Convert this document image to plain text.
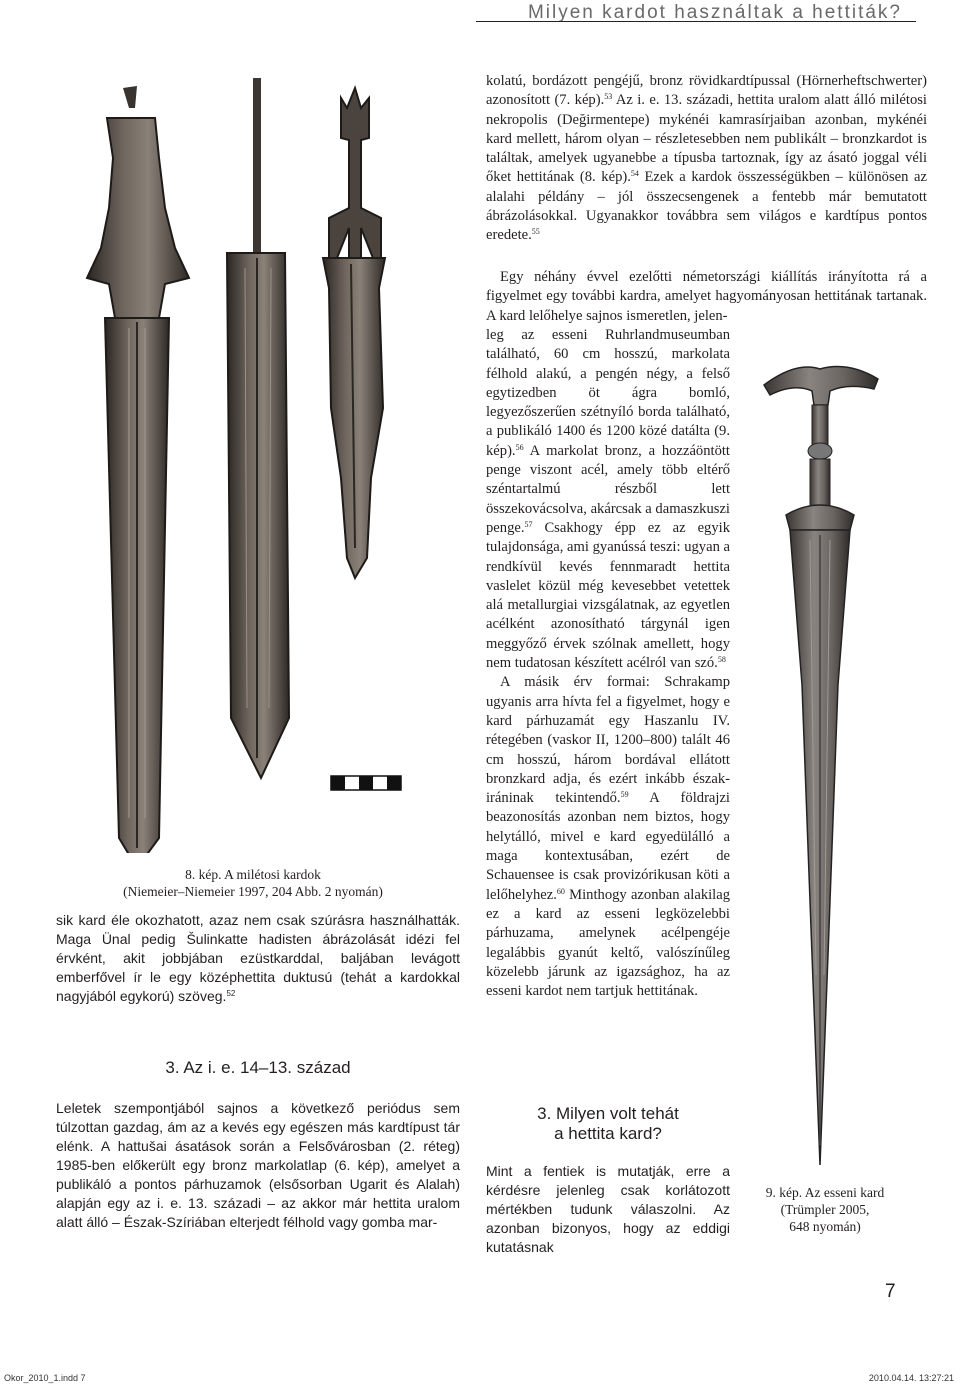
Milyen kardot használtak a hettiták?
8. kép. A milétosi kardok
(Niemeier–Niemeier 1997, 204 Abb. 2 nyomán)

sik kard éle okozhatott, azaz nem csak szúrásra használhatták. Maga Ünal pedig Šulinkatte hadisten ábrázolását idézi fel érvként, akit jobbjában ezüstkarddal, baljában levágott emberfővel ír le egy középhettita duktusú (tehát a kardokkal nagyjából egykorú) szöveg.$^{52}$

3. Az i. e. 14–13. század

Leletek szempontjából sajnos a következő periódus sem túlzottan gazdag, ám az a kevés egy egészen más kardtípust tár elénk. A hattušai ásatások során a Felsővárosban (2. réteg) 1985-ben előkerült egy bronz markolatlap (6. kép), amelyet a publikáló a pontos párhuzamok (elsősorban Ugarit és Alalah) alapján egy az i. e. 13. századi – az akkor már hettita uralom alatt álló – Észak-Szíriában elterjedt félhold vagy gomba mar-

kolatú, bordázott pengéjű, bronz rövidkardtípussal (Hörnerheftschwerter) azonosított (7. kép).$^{53}$ Az i. e. 13. századi, hettita uralom alatt álló milétosi nekropolis (Değirmentepe) mykénéi kamrasírjaiban azonban, mykénéi kard mellett, három olyan – részletesebben nem publikált – bronzkardot is találtak, amelyek ugyanebbe a típusba tartoznak, így az ásató joggal véli őket hettitának (8. kép).$^{54}$ Ezek a kardok összességükben – különösen az alalahi példány – jól összecsengenek a fentebb már bemutatott ábrázolásokkal. Ugyanakkor továbbra sem világos e kardtípus pontos eredete.$^{55}$

Egy néhány évvel ezelőtti németországi kiállítás irányította rá a figyelmet egy további kardra, amelyet hagyományosan hettitának tartanak. A kard lelőhelye sajnos ismeretlen, jelen-

leg az esseni Ruhrlandmuseumban található, 60 cm hosszú, markolata félhold alakú, a pengén négy, a felső egytizedben öt ágra bomló, legyezőszerűen szétnyíló borda található, a publikáló 1400 és 1200 közé datálta (9. kép).$^{56}$ A markolat bronz, a hozzáöntött penge viszont acél, amely több eltérő széntartalmú részből lett összekovácsolva, akárcsak a damaszkuszi penge.$^{57}$ Csakhogy épp ez az egyik tulajdonsága, ami gyanússá teszi: ugyan a rendkívül kevés fennmaradt hettita vaslelet közül még kevesebbet vetettek alá metallurgiai vizsgálatnak, az egyetlen acélként azonosítható tárgynál igen meggyőző érvek szólnak amellett, hogy nem tudatosan készített acélról van szó.$^{58}$

A másik érv formai: Schrakamp ugyanis arra hívta fel a figyelmet, hogy e kard párhuzamát egy Haszanlu IV. rétegében (vaskor II, 1200–800) talált 46 cm hosszú, három bordával ellátott bronzkard adja, és ezért inkább észak-iráninak tekintendő.$^{59}$ A földrajzi beazonosítás azonban nem biztos, hogy helytálló, mivel e kard egyedülálló a maga kontextusában, ezért de Schauensee is csak provizórikusan köti a lelőhelyhez.$^{60}$ Minthogy azonban alakilag ez a kard az esseni legközelebbi párhuzama, amelynek acélpengéje legalábbis gyanút keltő, valószínűleg közelebb járunk az igazsághoz, ha az esseni kardot nem tartjuk hettitának.

3. Milyen volt tehát
a hettita kard?

Mint a fentiek is mutatják, erre a kérdésre jelenleg csak korlátozott mértékben tudunk válaszolni. Az azonban bizonyos, hogy az eddigi kutatásnak

9. kép. Az esseni kard
(Trümpler 2005,
648 nyomán)
7
Okor_2010_1.indd 7	2010.04.14. 13:27:21
